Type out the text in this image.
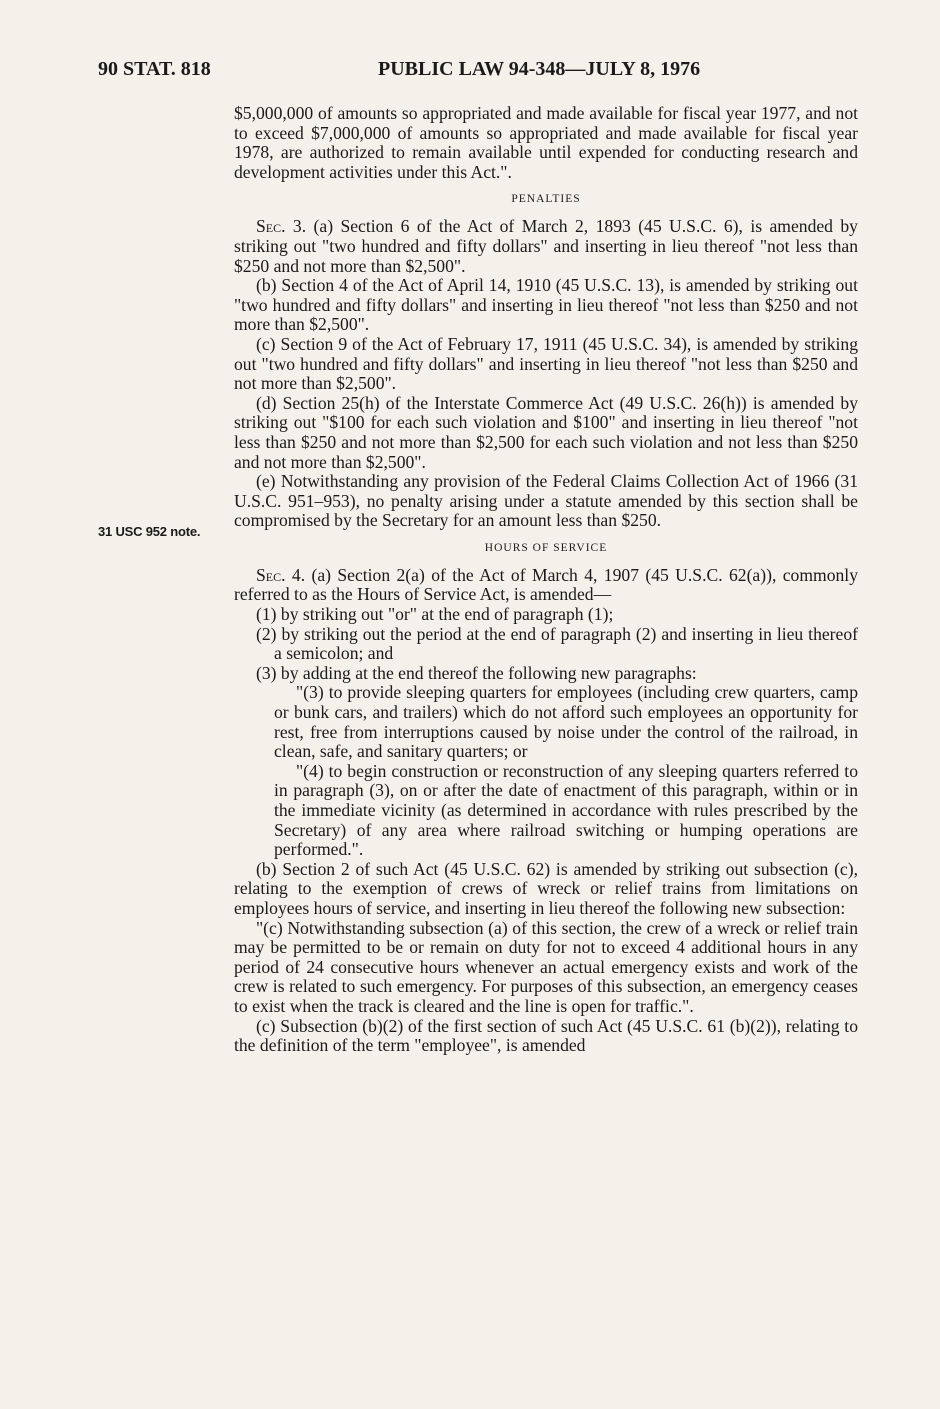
90 STAT. 818	PUBLIC LAW 94-348—JULY 8, 1976
31 USC 952 note.

$5,000,000 of amounts so appropriated and made available for fiscal year 1977, and not to exceed $7,000,000 of amounts so appropriated and made available for fiscal year 1978, are authorized to remain available until expended for conducting research and development activities under this Act.".

PENALTIES

Sec. 3. (a) Section 6 of the Act of March 2, 1893 (45 U.S.C. 6), is amended by striking out "two hundred and fifty dollars" and inserting in lieu thereof "not less than $250 and not more than $2,500".

(b) Section 4 of the Act of April 14, 1910 (45 U.S.C. 13), is amended by striking out "two hundred and fifty dollars" and inserting in lieu thereof "not less than $250 and not more than $2,500".

(c) Section 9 of the Act of February 17, 1911 (45 U.S.C. 34), is amended by striking out "two hundred and fifty dollars" and inserting in lieu thereof "not less than $250 and not more than $2,500".

(d) Section 25(h) of the Interstate Commerce Act (49 U.S.C. 26(h)) is amended by striking out "$100 for each such violation and $100" and inserting in lieu thereof "not less than $250 and not more than $2,500 for each such violation and not less than $250 and not more than $2,500".

(e) Notwithstanding any provision of the Federal Claims Collection Act of 1966 (31 U.S.C. 951–953), no penalty arising under a statute amended by this section shall be compromised by the Secretary for an amount less than $250.

HOURS OF SERVICE

Sec. 4. (a) Section 2(a) of the Act of March 4, 1907 (45 U.S.C. 62(a)), commonly referred to as the Hours of Service Act, is amended—

(1) by striking out "or" at the end of paragraph (1);

(2) by striking out the period at the end of paragraph (2) and inserting in lieu thereof a semicolon; and

(3) by adding at the end thereof the following new paragraphs:

"(3) to provide sleeping quarters for employees (including crew quarters, camp or bunk cars, and trailers) which do not afford such employees an opportunity for rest, free from interruptions caused by noise under the control of the railroad, in clean, safe, and sanitary quarters; or

"(4) to begin construction or reconstruction of any sleeping quarters referred to in paragraph (3), on or after the date of enactment of this paragraph, within or in the immediate vicinity (as determined in accordance with rules prescribed by the Secretary) of any area where railroad switching or humping operations are performed.".

(b) Section 2 of such Act (45 U.S.C. 62) is amended by striking out subsection (c), relating to the exemption of crews of wreck or relief trains from limitations on employees hours of service, and inserting in lieu thereof the following new subsection:

"(c) Notwithstanding subsection (a) of this section, the crew of a wreck or relief train may be permitted to be or remain on duty for not to exceed 4 additional hours in any period of 24 consecutive hours whenever an actual emergency exists and work of the crew is related to such emergency. For purposes of this subsection, an emergency ceases to exist when the track is cleared and the line is open for traffic.".

(c) Subsection (b)(2) of the first section of such Act (45 U.S.C. 61 (b)(2)), relating to the definition of the term "employee", is amended
